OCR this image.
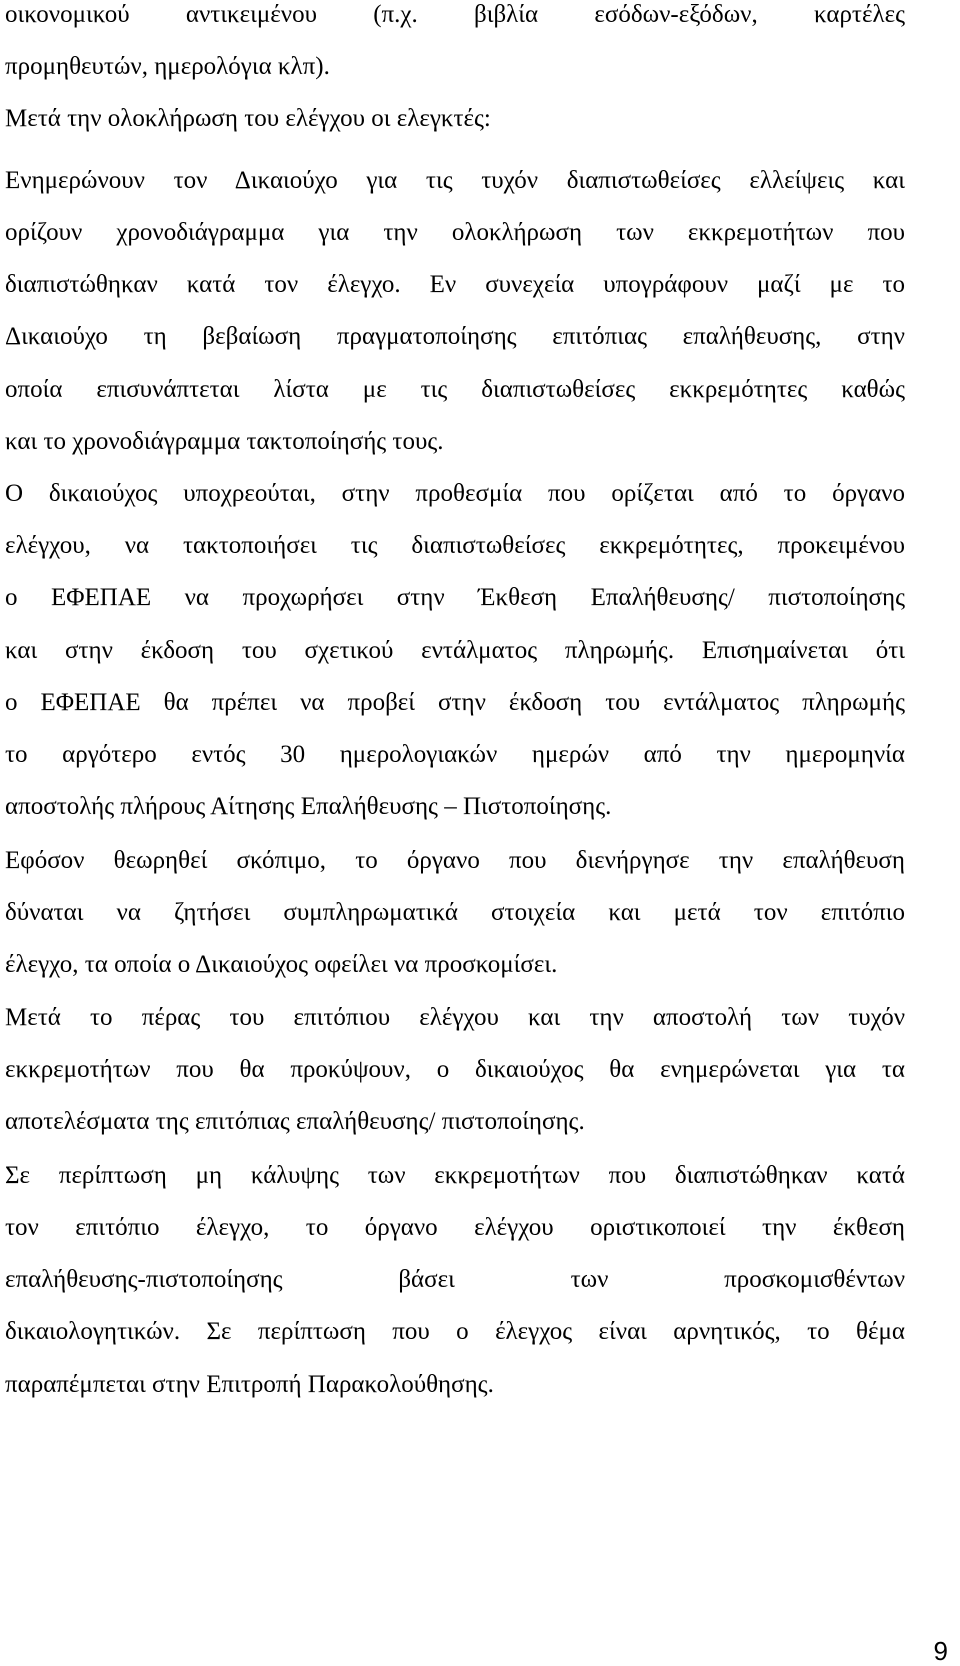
οικονομικού αντικειμένου (π.χ. βιβλία εσόδων-εξόδων, καρτέλες
προμηθευτών, ημερολόγια κλπ).
Μετά την ολοκλήρωση του ελέγχου οι ελεγκτές:
Ενημερώνουν τον Δικαιούχο για τις τυχόν διαπιστωθείσες ελλείψεις και
ορίζουν χρονοδιάγραμμα για την ολοκλήρωση των εκκρεμοτήτων που
διαπιστώθηκαν κατά τον έλεγχο. Εν συνεχεία υπογράφουν μαζί με το
Δικαιούχο τη βεβαίωση πραγματοποίησης επιτόπιας επαλήθευσης, στην
οποία επισυνάπτεται λίστα με τις διαπιστωθείσες εκκρεμότητες καθώς
και το χρονοδιάγραμμα τακτοποίησής τους.
Ο δικαιούχος υποχρεούται, στην προθεσμία που ορίζεται από το όργανο
ελέγχου, να τακτοποιήσει τις διαπιστωθείσες εκκρεμότητες, προκειμένου
ο ΕΦΕΠΑΕ να προχωρήσει στην Έκθεση Επαλήθευσης/ πιστοποίησης
και στην έκδοση του σχετικού εντάλματος πληρωμής. Επισημαίνεται ότι
ο ΕΦΕΠΑΕ θα πρέπει να προβεί στην έκδοση του εντάλματος πληρωμής
το αργότερο εντός 30 ημερολογιακών ημερών από την ημερομηνία
αποστολής πλήρους Αίτησης Επαλήθευσης – Πιστοποίησης.
Εφόσον θεωρηθεί σκόπιμο, το όργανο που διενήργησε την επαλήθευση
δύναται να ζητήσει συμπληρωματικά στοιχεία και μετά τον επιτόπιο
έλεγχο, τα οποία ο Δικαιούχος οφείλει να προσκομίσει.
Μετά το πέρας του επιτόπιου ελέγχου και την αποστολή των τυχόν
εκκρεμοτήτων που θα προκύψουν, ο δικαιούχος θα ενημερώνεται για τα
αποτελέσματα της επιτόπιας επαλήθευσης/ πιστοποίησης.
Σε περίπτωση μη κάλυψης των εκκρεμοτήτων που διαπιστώθηκαν κατά
τον επιτόπιο έλεγχο, το όργανο ελέγχου οριστικοποιεί την έκθεση
επαλήθευσης-πιστοποίησης βάσει των προσκομισθέντων
δικαιολογητικών. Σε περίπτωση που ο έλεγχος είναι αρνητικός, το θέμα
παραπέμπεται στην Επιτροπή Παρακολούθησης.
9
